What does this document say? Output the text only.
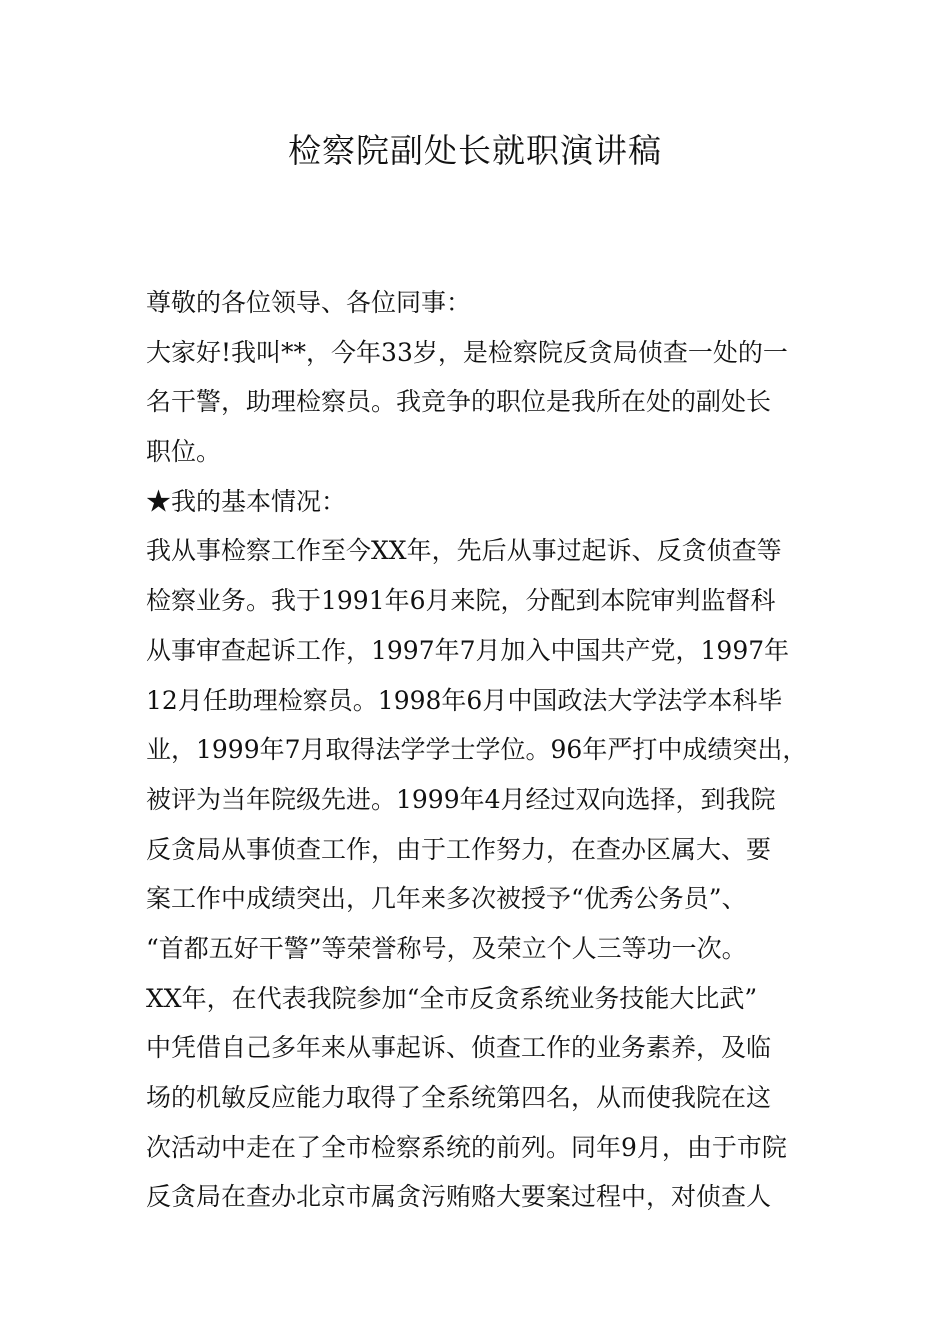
检察院副处长就职演讲稿
尊敬的各位领导、各位同事：
大家好!我叫**，今年33岁，是检察院反贪局侦查一处的一
名干警，助理检察员。我竞争的职位是我所在处的副处长
职位。
★我的基本情况：
我从事检察工作至今XX年，先后从事过起诉、反贪侦查等
检察业务。我于1991年6月来院，分配到本院审判监督科
从事审查起诉工作，1997年7月加入中国共产党，1997年
12月任助理检察员。1998年6月中国政法大学法学本科毕
业，1999年7月取得法学学士学位。96年严打中成绩突出，
被评为当年院级先进。1999年4月经过双向选择，到我院
反贪局从事侦查工作，由于工作努力，在查办区属大、要
案工作中成绩突出，几年来多次被授予“优秀公务员”、
“首都五好干警”等荣誉称号，及荣立个人三等功一次。
XX年，在代表我院参加“全市反贪系统业务技能大比武”
中凭借自己多年来从事起诉、侦查工作的业务素养，及临
场的机敏反应能力取得了全系统第四名，从而使我院在这
次活动中走在了全市检察系统的前列。同年9月，由于市院
反贪局在查办北京市属贪污贿赂大要案过程中，对侦查人
